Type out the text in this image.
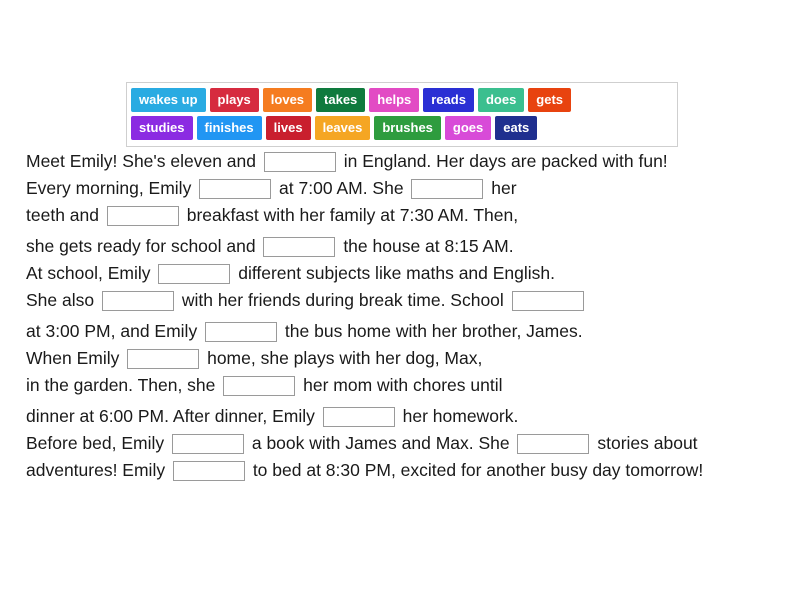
wakes up	plays	loves	takes	helps	reads	does	gets
studies	finishes	lives	leaves	brushes	goes	eats
Meet Emily! She's eleven and	in England. Her days are packed with fun!
Every morning, Emily	at 7:00 AM. She	her
teeth and	breakfast with her family at 7:30 AM. Then,
she gets ready for school and	the house at 8:15 AM.
At school, Emily	different subjects like maths and English.
She also	with her friends during break time. School
at 3:00 PM, and Emily	the bus home with her brother, James.
When Emily	home, she plays with her dog, Max,
in the garden. Then, she	her mom with chores until
dinner at 6:00 PM. After dinner, Emily	her homework.
Before bed, Emily	a book with James and Max. She	stories about
adventures! Emily	to bed at 8:30 PM, excited for another busy day tomorrow!
